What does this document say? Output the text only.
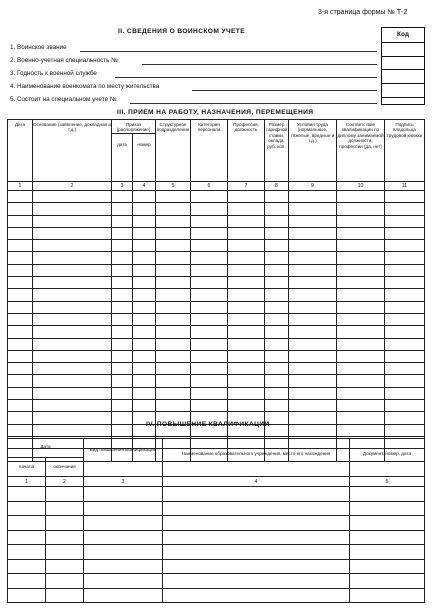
3-я страница формы № Т-2
II. СВЕДЕНИЯ О ВОИНСКОМ УЧЕТЕ
1. Воинское звание
2. Военно-учетная специальность №
3. Годность к военной службе
4. Наименование военкомата по месту жительства
5. Состоит на специальном учете №
Код
III. ПРИЕМ НА РАБОТУ, НАЗНАЧЕНИЯ, ПЕРЕМЕЩЕНИЯ
Дата	Основание (заявление, докладная и т.д.)	Приказ (распоряжение)		Структурное подразделение	Категория персонала	Профессия, должность	Размер тарифной ставки, оклада, руб. коп.	Условия труда (нормальные, тяжелые, вредные и т.д.)	Соответствие квалификации по диплому занимаемой должности, профессии (да, нет)	Подпись владельца трудовой книжки
		дата	номер							
1	2	3	4	5	6	7	8	9	10	11

IV. ПОВЫШЕНИЕ КВАЛИФИКАЦИИ
Дата		Вид повышения квалификации	Наименование образовательного учреждения, место его нахождения	Документ, номер, дата
начала	окончания			
1	2	3	4	5
